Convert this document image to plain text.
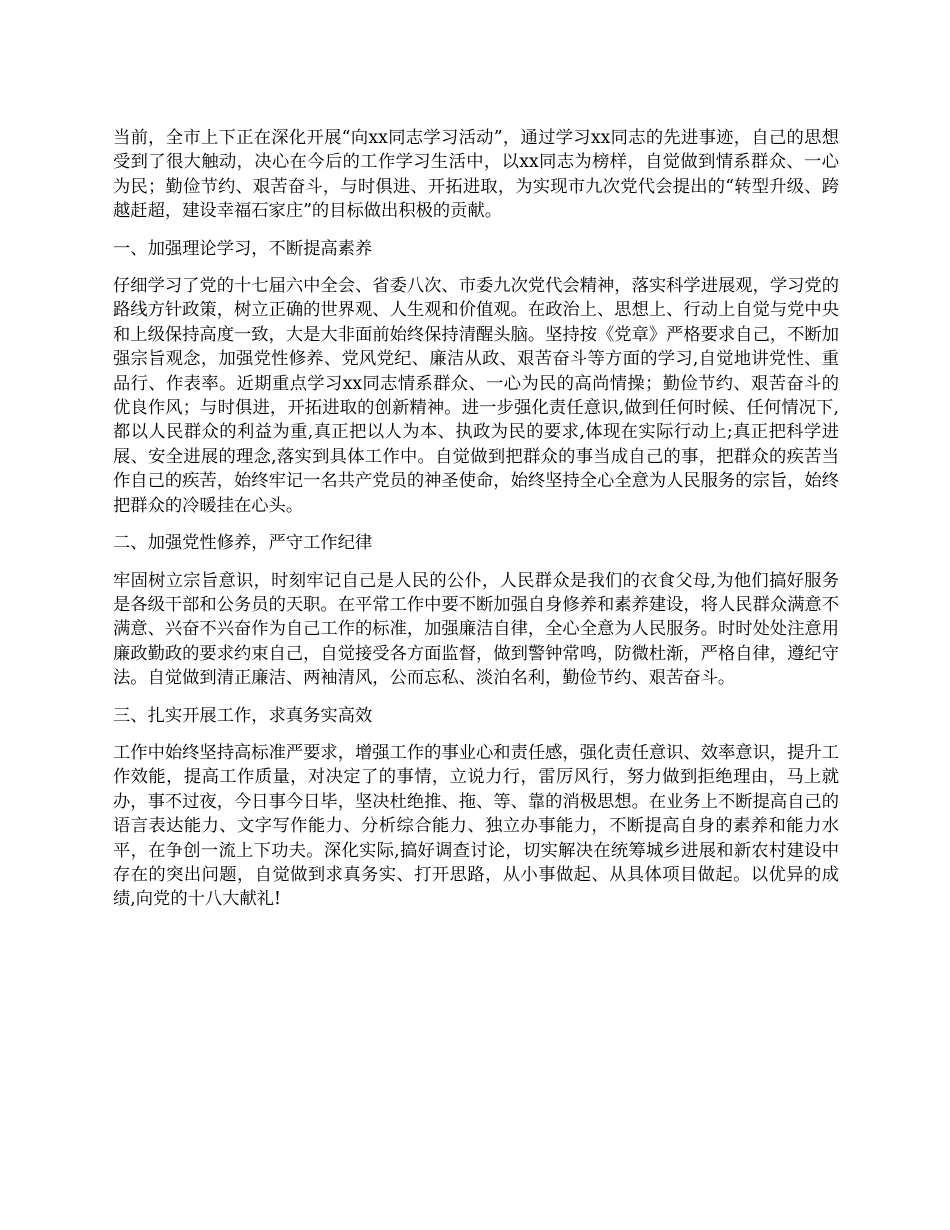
当前，全市上下正在深化开展“向xx同志学习活动”，通过学习xx同志的先进事迹，自己的思想受到了很大触动，决心在今后的工作学习生活中，以xx同志为榜样，自觉做到情系群众、一心为民；勤俭节约、艰苦奋斗，与时俱进、开拓进取，为实现市九次党代会提出的“转型升级、跨越赶超，建设幸福石家庄”的目标做出积极的贡献。

一、加强理论学习，不断提高素养

仔细学习了党的十七届六中全会、省委八次、市委九次党代会精神，落实科学进展观，学习党的路线方针政策，树立正确的世界观、人生观和价值观。在政治上、思想上、行动上自觉与党中央和上级保持高度一致，大是大非面前始终保持清醒头脑。坚持按《党章》严格要求自己，不断加强宗旨观念，加强党性修养、党风党纪、廉洁从政、艰苦奋斗等方面的学习,自觉地讲党性、重品行、作表率。近期重点学习xx同志情系群众、一心为民的高尚情操；勤俭节约、艰苦奋斗的优良作风；与时俱进，开拓进取的创新精神。进一步强化责任意识,做到任何时候、任何情况下,都以人民群众的利益为重,真正把以人为本、执政为民的要求,体现在实际行动上;真正把科学进展、安全进展的理念,落实到具体工作中。自觉做到把群众的事当成自己的事，把群众的疾苦当作自己的疾苦，始终牢记一名共产党员的神圣使命，始终坚持全心全意为人民服务的宗旨，始终把群众的冷暖挂在心头。

二、加强党性修养，严守工作纪律

牢固树立宗旨意识，时刻牢记自己是人民的公仆，人民群众是我们的衣食父母,为他们搞好服务是各级干部和公务员的天职。在平常工作中要不断加强自身修养和素养建设，将人民群众满意不满意、兴奋不兴奋作为自己工作的标准，加强廉洁自律，全心全意为人民服务。时时处处注意用廉政勤政的要求约束自己，自觉接受各方面监督，做到警钟常鸣，防微杜渐，严格自律，遵纪守法。自觉做到清正廉洁、两袖清风，公而忘私、淡泊名利，勤俭节约、艰苦奋斗。

三、扎实开展工作，求真务实高效

工作中始终坚持高标准严要求，增强工作的事业心和责任感，强化责任意识、效率意识，提升工作效能，提高工作质量，对决定了的事情，立说力行，雷厉风行，努力做到拒绝理由，马上就办，事不过夜，今日事今日毕，坚决杜绝推、拖、等、靠的消极思想。在业务上不断提高自己的语言表达能力、文字写作能力、分析综合能力、独立办事能力，不断提高自身的素养和能力水平，在争创一流上下功夫。深化实际,搞好调查讨论，切实解决在统筹城乡进展和新农村建设中存在的突出问题，自觉做到求真务实、打开思路，从小事做起、从具体项目做起。以优异的成绩,向党的十八大献礼!
